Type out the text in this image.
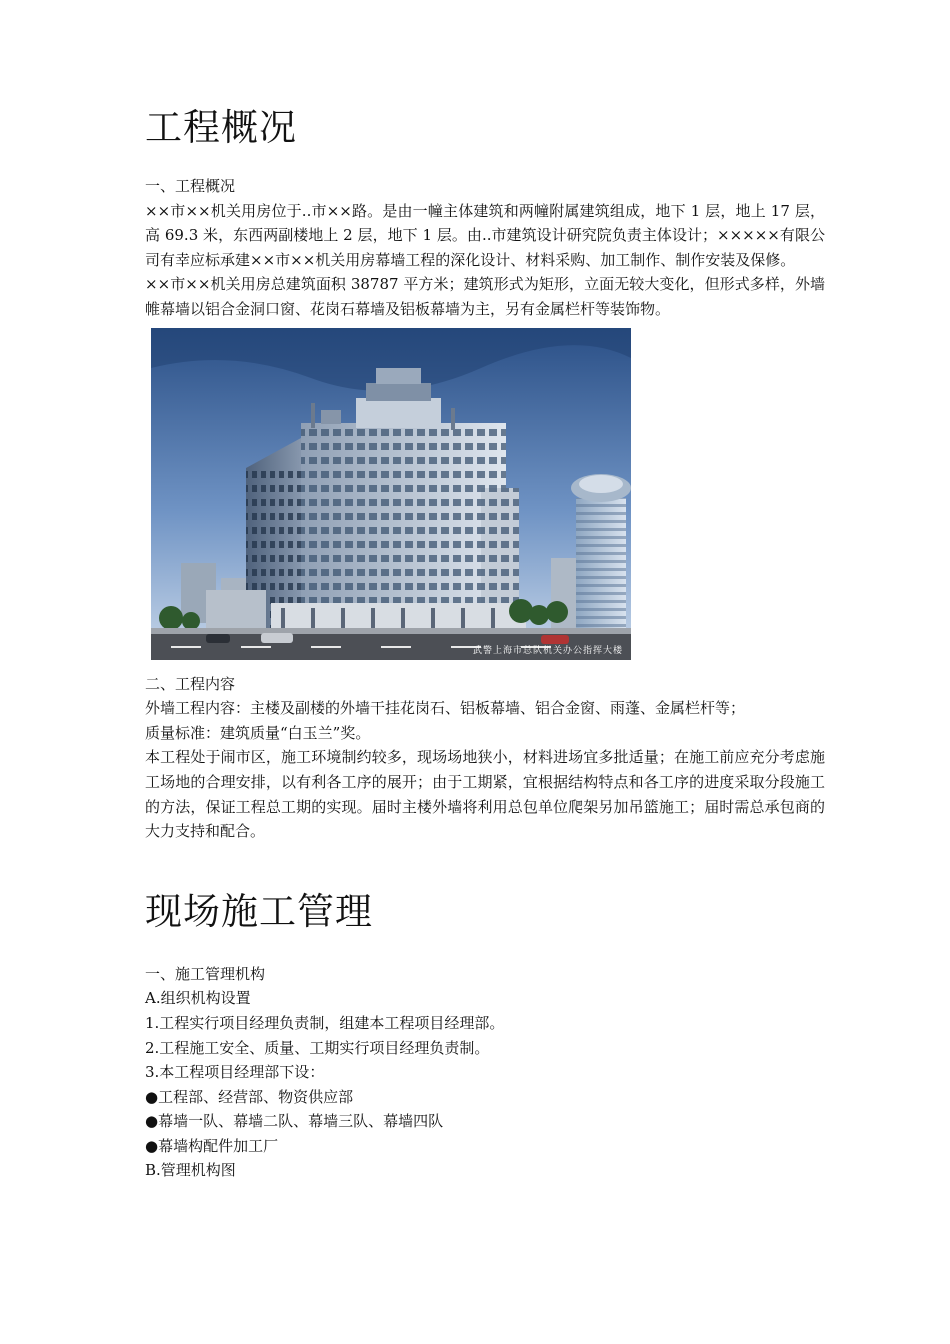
工程概况

一、工程概况

××市××机关用房位于..市××路。是由一幢主体建筑和两幢附属建筑组成，地下 1 层，地上 17 层，高 69.3 米，东西两副楼地上 2 层，地下 1 层。由..市建筑设计研究院负责主体设计；×××××有限公司有幸应标承建××市××机关用房幕墙工程的深化设计、材料采购、加工制作、制作安装及保修。

××市××机关用房总建筑面积 38787 平方米；建筑形式为矩形，立面无较大变化，但形式多样，外墙帷幕墙以铝合金洞口窗、花岗石幕墙及铝板幕墙为主，另有金属栏杆等装饰物。

武警上海市总队机关办公指挥大楼

二、工程内容

外墙工程内容：主楼及副楼的外墙干挂花岗石、铝板幕墙、铝合金窗、雨蓬、金属栏杆等；

质量标准：建筑质量“白玉兰”奖。

本工程处于闹市区，施工环境制约较多，现场场地狭小，材料进场宜多批适量；在施工前应充分考虑施工场地的合理安排，以有利各工序的展开；由于工期紧，宜根据结构特点和各工序的进度采取分段施工的方法，保证工程总工期的实现。届时主楼外墙将利用总包单位爬架另加吊篮施工；届时需总承包商的大力支持和配合。

现场施工管理

一、施工管理机构

A.组织机构设置

1.工程实行项目经理负责制，组建本工程项目经理部。

2.工程施工安全、质量、工期实行项目经理负责制。

3.本工程项目经理部下设：

●工程部、经营部、物资供应部

●幕墙一队、幕墙二队、幕墙三队、幕墙四队

●幕墙构配件加工厂

B.管理机构图
